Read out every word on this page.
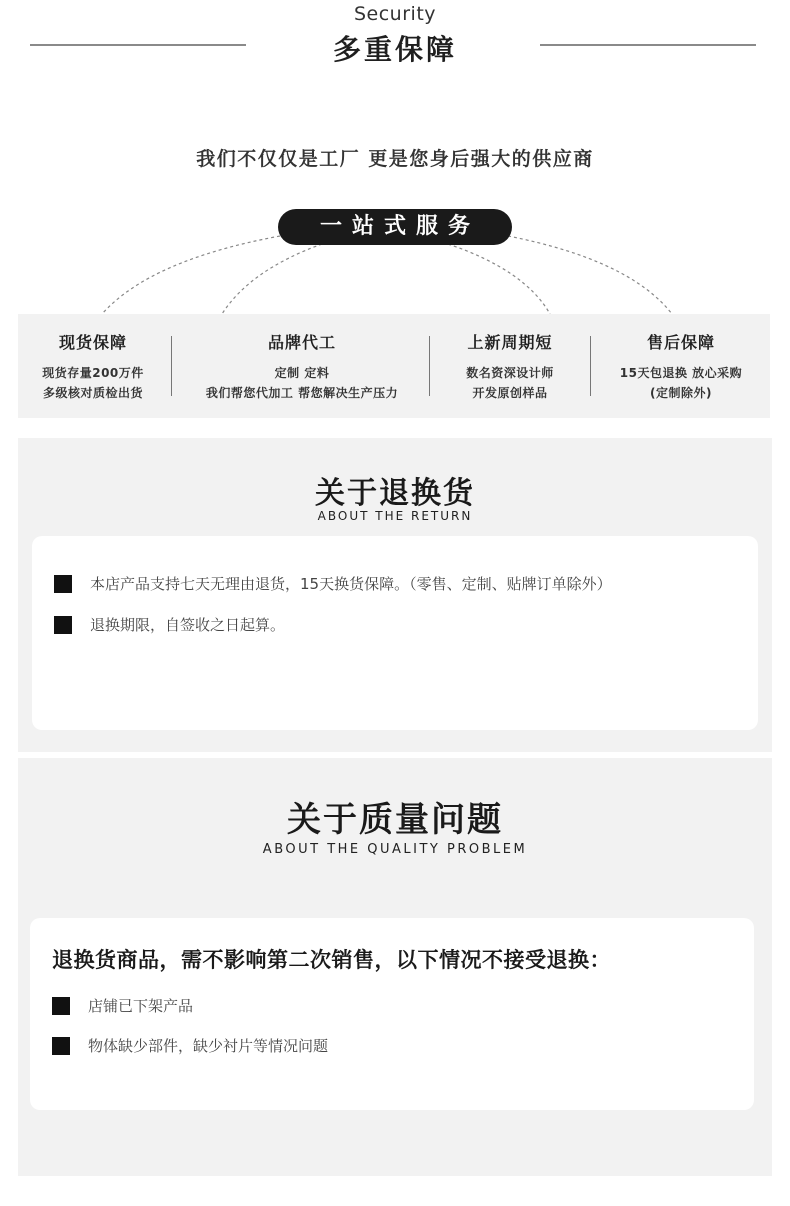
Security
多重保障
我们不仅仅是工厂 更是您身后强大的供应商
一站式服务
现货保障
现货存量200万件
多级核对质检出货
品牌代工
定制 定料
我们帮您代加工 帮您解决生产压力
上新周期短
数名资深设计师
开发原创样品
售后保障
15天包退换 放心采购
(定制除外)
关于退换货
ABOUT THE RETURN
本店产品支持七天无理由退货，15天换货保障。（零售、定制、贴牌订单除外）
退换期限，自签收之日起算。
关于质量问题
ABOUT THE QUALITY PROBLEM
退换货商品，需不影响第二次销售，以下情况不接受退换：
店铺已下架产品
物体缺少部件，缺少衬片等情况问题
